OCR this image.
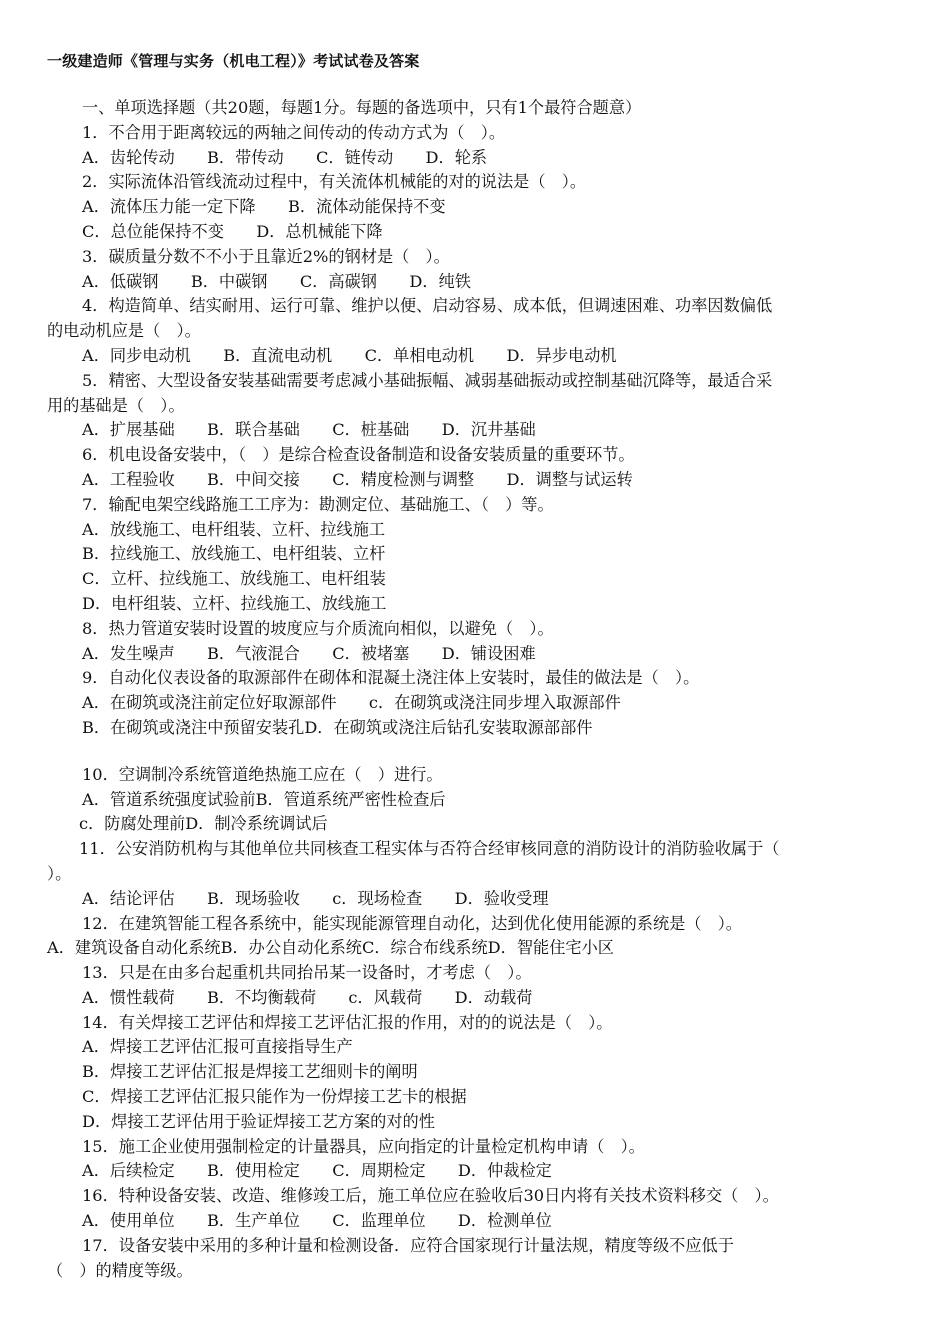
一级建造师《管理与实务（机电工程）》考试试卷及答案
一、单项选择题（共20题，每题1分。每题的备选项中，只有1个最符合题意）
1．不合用于距离较远的两轴之间传动的传动方式为（　）。
A．齿轮传动　　B．带传动　　C．链传动　　D．轮系
2．实际流体沿管线流动过程中，有关流体机械能的对的说法是（　）。
A．流体压力能一定下降　　B．流体动能保持不变
C．总位能保持不变　　D．总机械能下降
3．碳质量分数不不小于且靠近2%的钢材是（　）。
A．低碳钢　　B．中碳钢　　C．高碳钢　　D．纯铁
4．构造简单、结实耐用、运行可靠、维护以便、启动容易、成本低，但调速困难、功率因数偏低
的电动机应是（　）。
A．同步电动机　　B．直流电动机　　C．单相电动机　　D．异步电动机
5．精密、大型设备安装基础需要考虑减小基础振幅、减弱基础振动或控制基础沉降等，最适合采
用的基础是（　）。
A．扩展基础　　B．联合基础　　C．桩基础　　D．沉井基础
6．机电设备安装中，（　）是综合检查设备制造和设备安装质量的重要环节。
A．工程验收　　B．中间交接　　C．精度检测与调整　　D．调整与试运转
7．输配电架空线路施工工序为：勘测定位、基础施工、（　）等。
A．放线施工、电杆组装、立杆、拉线施工
B．拉线施工、放线施工、电杆组装、立杆
C．立杆、拉线施工、放线施工、电杆组装
D．电杆组装、立杆、拉线施工、放线施工
8．热力管道安装时设置的坡度应与介质流向相似，以避免（　）。
A．发生噪声　　B．气液混合　　C．被堵塞　　D．铺设困难
9．自动化仪表设备的取源部件在砌体和混凝土浇注体上安装时，最佳的做法是（　）。
A．在砌筑或浇注前定位好取源部件　　c．在砌筑或浇注同步埋入取源部件
B．在砌筑或浇注中预留安装孔D．在砌筑或浇注后钻孔安装取源部部件
10．空调制冷系统管道绝热施工应在（　）进行。
A．管道系统强度试验前B．管道系统严密性检查后
c．防腐处理前D．制冷系统调试后
11．公安消防机构与其他单位共同核查工程实体与否符合经审核同意的消防设计的消防验收属于（
）。
A．结论评估　　B．现场验收　　c．现场检查　　D．验收受理
12．在建筑智能工程各系统中，能实现能源管理自动化，达到优化使用能源的系统是（　）。
A．建筑设备自动化系统B．办公自动化系统C．综合布线系统D．智能住宅小区
13．只是在由多台起重机共同抬吊某一设备时，才考虑（　）。
A．惯性载荷　　B．不均衡载荷　　c．风载荷　　D．动载荷
14．有关焊接工艺评估和焊接工艺评估汇报的作用，对的的说法是（　）。
A．焊接工艺评估汇报可直接指导生产
B．焊接工艺评估汇报是焊接工艺细则卡的阐明
C．焊接工艺评估汇报只能作为一份焊接工艺卡的根据
D．焊接工艺评估用于验证焊接工艺方案的对的性
15．施工企业使用强制检定的计量器具，应向指定的计量检定机构申请（　）。
A．后续检定　　B．使用检定　　C．周期检定　　D．仲裁检定
16．特种设备安装、改造、维修竣工后，施工单位应在验收后30日内将有关技术资料移交（　）。
A．使用单位　　B．生产单位　　C．监理单位　　D．检测单位
17．设备安装中采用的多种计量和检测设备．应符合国家现行计量法规，精度等级不应低于
（　）的精度等级。
